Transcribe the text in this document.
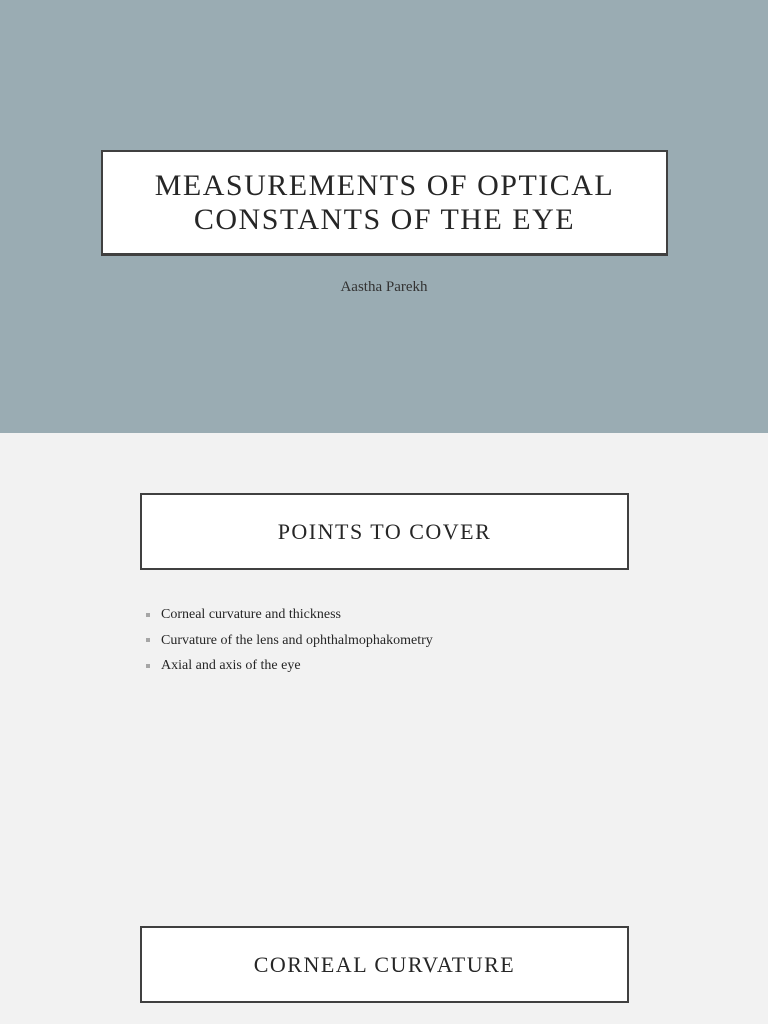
MEASUREMENTS OF OPTICAL
CONSTANTS OF THE EYE
Aastha Parekh
POINTS TO COVER
Corneal curvature and thickness
Curvature of the lens and ophthalmophakometry
Axial and axis of the eye
CORNEAL CURVATURE
